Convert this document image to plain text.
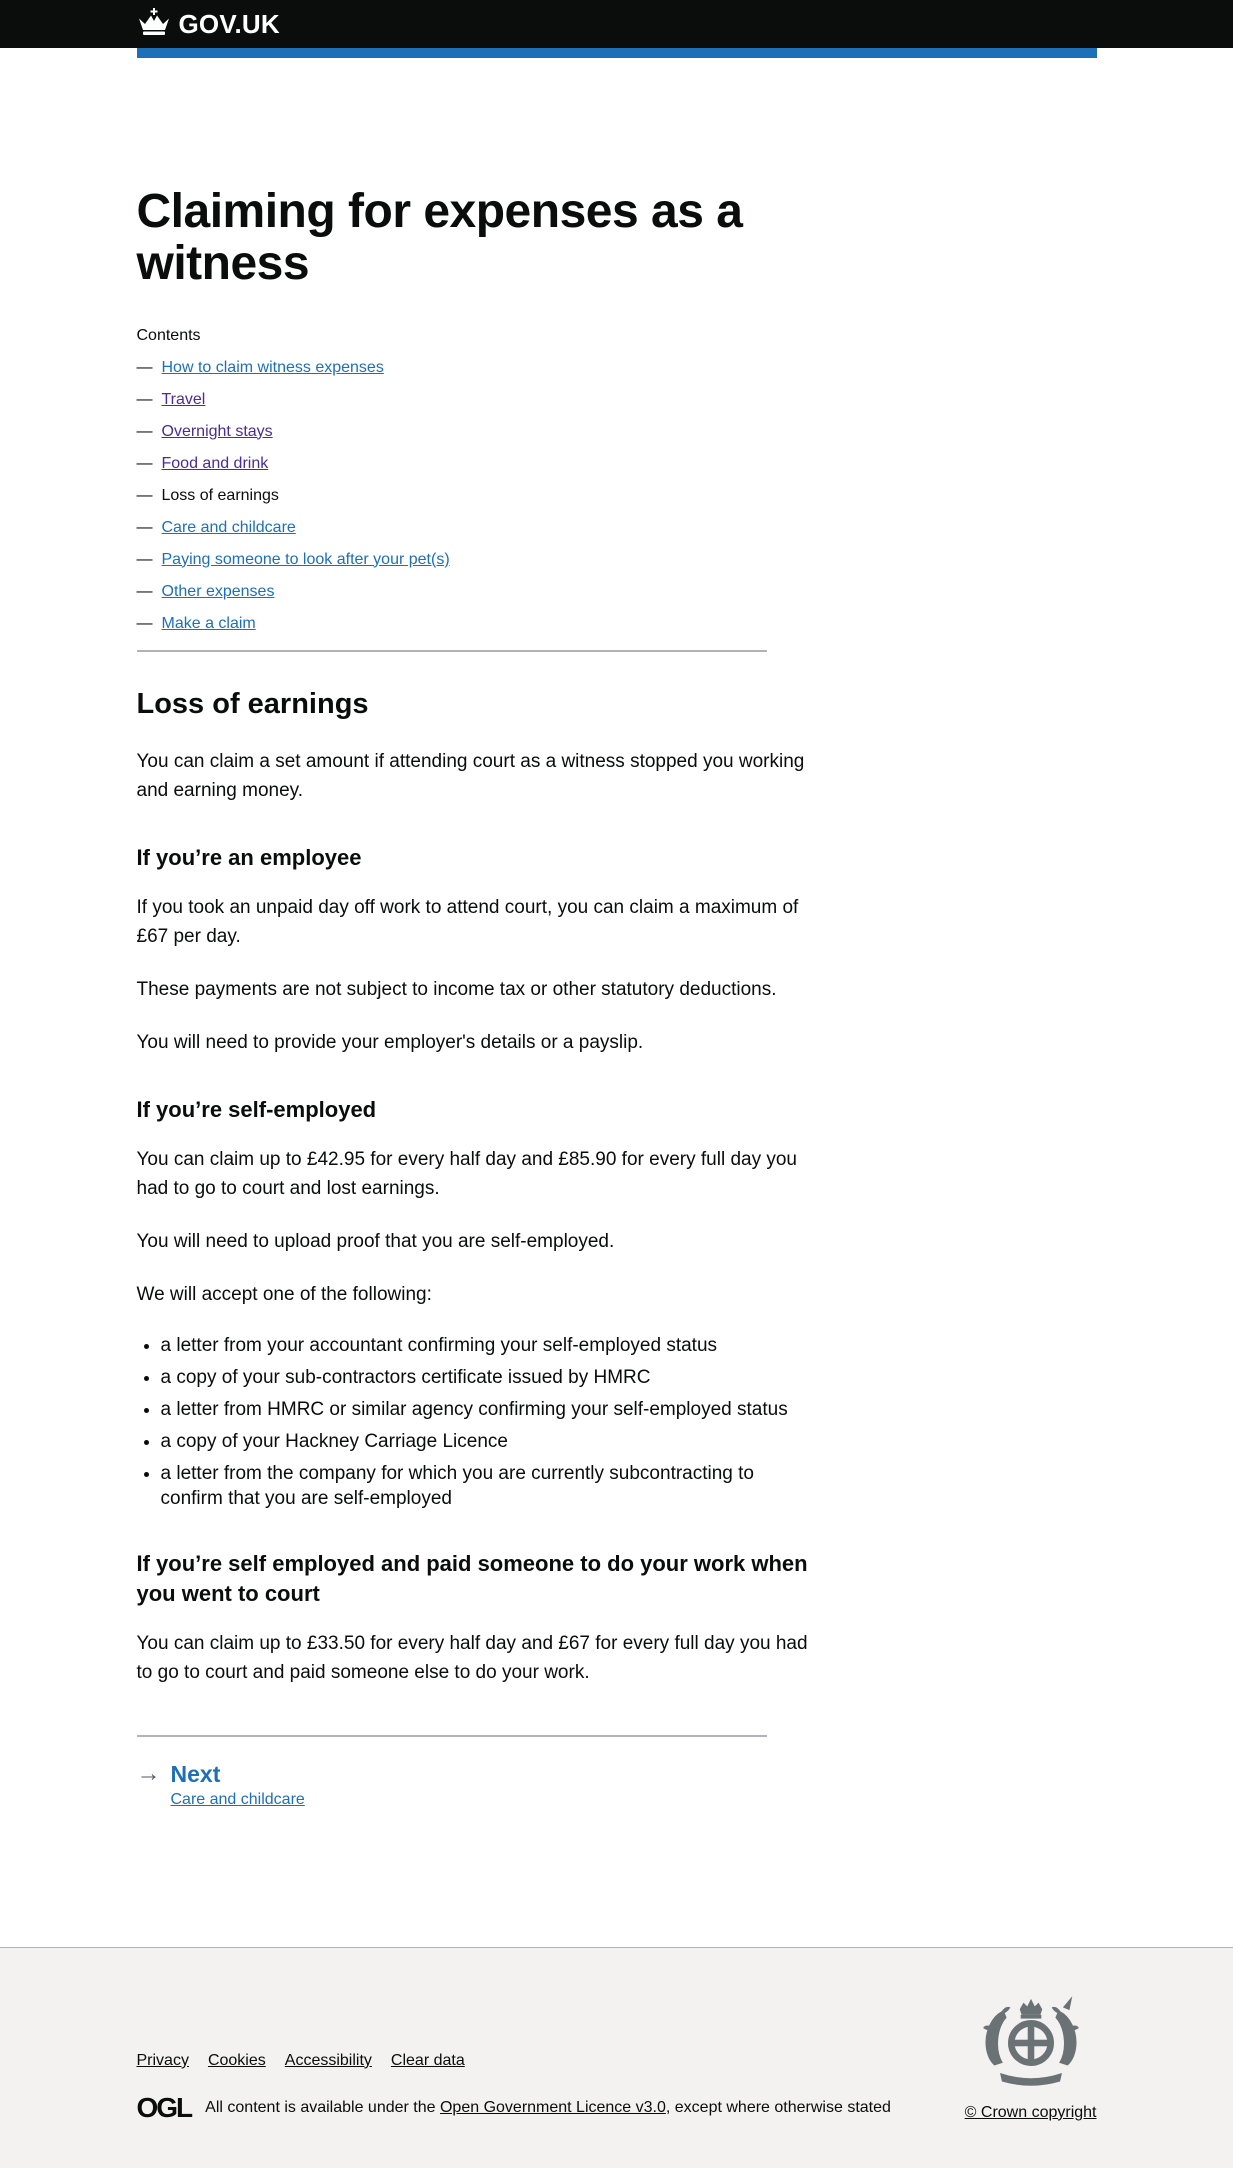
GOV.UK
Claiming for expenses as a witness

Contents

— How to claim witness expenses
— Travel
— Overnight stays
— Food and drink
— Loss of earnings
— Care and childcare
— Paying someone to look after your pet(s)
— Other expenses
— Make a claim
Loss of earnings

You can claim a set amount if attending court as a witness stopped you working and earning money.

If you’re an employee

If you took an unpaid day off work to attend court, you can claim a maximum of £67 per day.

These payments are not subject to income tax or other statutory deductions.

You will need to provide your employer's details or a payslip.

If you’re self-employed

You can claim up to £42.95 for every half day and £85.90 for every full day you had to go to court and lost earnings.

You will need to upload proof that you are self-employed.

We will accept one of the following:

• a letter from your accountant confirming your self-employed status
• a copy of your sub-contractors certificate issued by HMRC
• a letter from HMRC or similar agency confirming your self-employed status
• a copy of your Hackney Carriage Licence
• a letter from the company for which you are currently subcontracting to confirm that you are self-employed
If you’re self employed and paid someone to do your work when you went to court

You can claim up to £33.50 for every half day and £67 for every full day you had to go to court and paid someone else to do your work.

→ Next
Care and childcare
Privacy Cookies Accessibility Clear data
OGL All content is available under the Open Government Licence v3.0, except where otherwise stated	© Crown copyright
